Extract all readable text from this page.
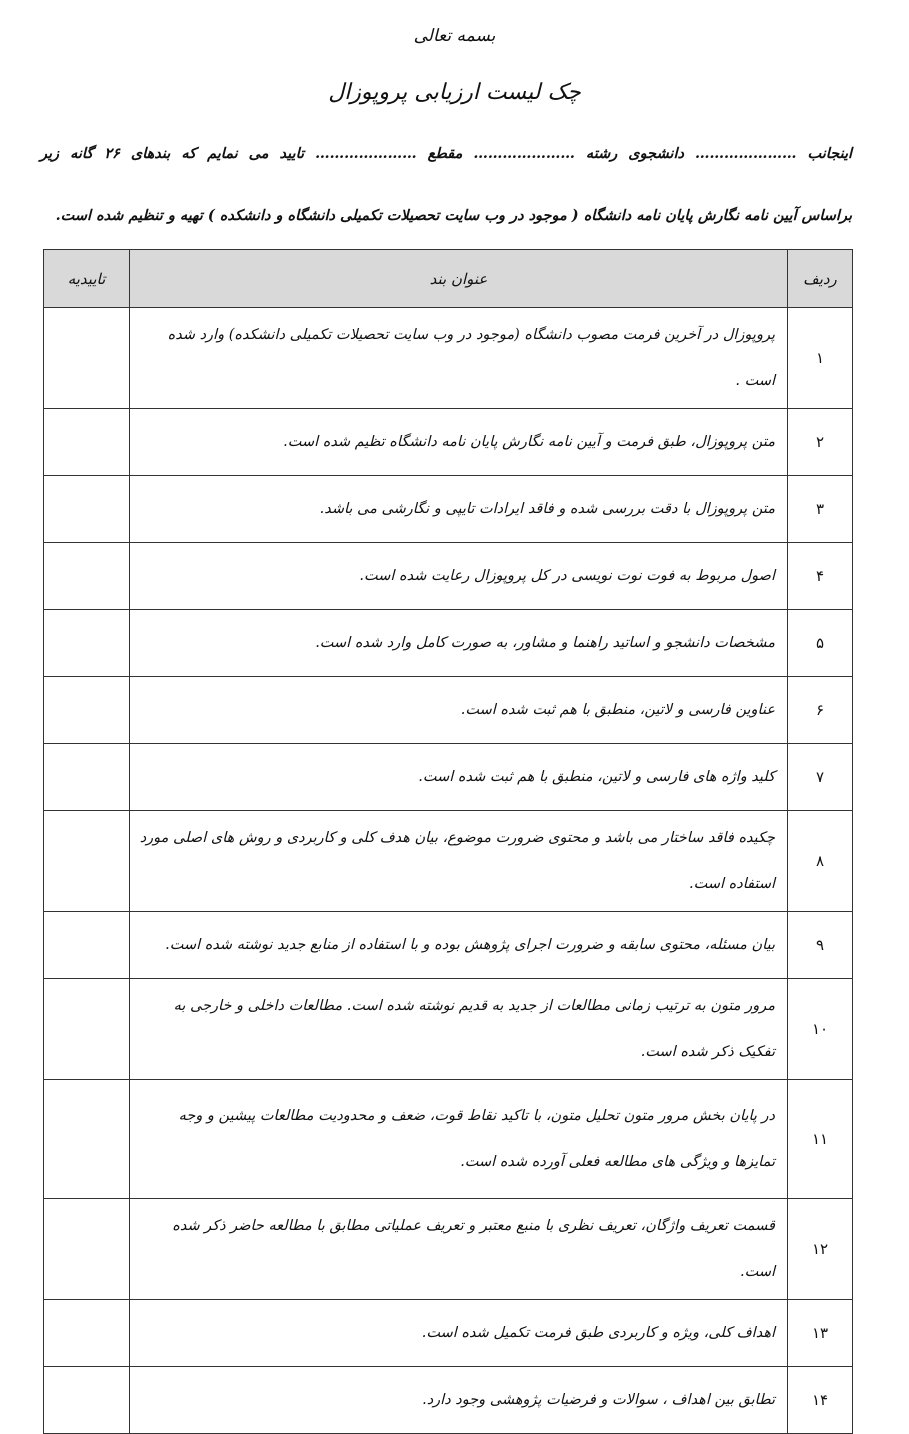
بسمه تعالی
چک لیست ارزیابی پروپوزال
اینجانب ………………… دانشجوی رشته ………………… مقطع ………………… تایید می نمایم که بندهای ۲۶ گانه زیر
براساس آیین نامه نگارش پایان نامه دانشگاه ( موجود در وب سایت تحصیلات تکمیلی دانشگاه و دانشکده ) تهیه و تنظیم شده است.
ردیف	عنوان بند	تاییدیه
۱	پروپوزال در آخرین فرمت مصوب دانشگاه (موجود در وب سایت تحصیلات تکمیلی دانشکده) وارد شده است .	
۲	متن پروپوزال، طبق فرمت و آیین نامه نگارش پایان نامه دانشگاه تظیم شده است.	
۳	متن پروپوزال با دقت بررسی شده و فاقد ایرادات تایپی و نگارشی می باشد.	
۴	اصول مربوط به فوت نوت نویسی در کل پروپوزال رعایت شده است.	
۵	مشخصات دانشجو و اساتید راهنما و مشاور، به صورت کامل وارد شده است.	
۶	عناوین فارسی و لاتین، منطبق با هم ثبت شده است.	
۷	کلید واژه های فارسی و لاتین، منطبق با هم ثبت شده است.	
۸	چکیده فاقد ساختار می باشد و محتوی ضرورت موضوع، بیان هدف کلی و کاربردی و روش های اصلی مورد استفاده است.	
۹	بیان مسئله، محتوی سابقه و ضرورت اجرای پژوهش بوده و با استفاده از منابع جدید نوشته شده است.	
۱۰	مرور متون به ترتیب زمانی مطالعات از جدید به قدیم نوشته شده است. مطالعات داخلی و خارجی به تفکیک ذکر شده است.	
۱۱	در پایان بخش مرور متون تحلیل متون، با تاکید نقاط قوت، ضعف و محدودیت مطالعات پیشین و وجه تمایزها و ویژگی های مطالعه فعلی آورده شده است.	
۱۲	قسمت تعریف واژگان، تعریف نظری با منبع معتبر و تعریف عملیاتی مطابق با مطالعه حاضر ذکر شده است.	
۱۳	اهداف کلی، ویژه و کاربردی طبق فرمت تکمیل شده است.	
۱۴	تطابق بین اهداف ، سوالات و فرضیات پژوهشی وجود دارد.	
